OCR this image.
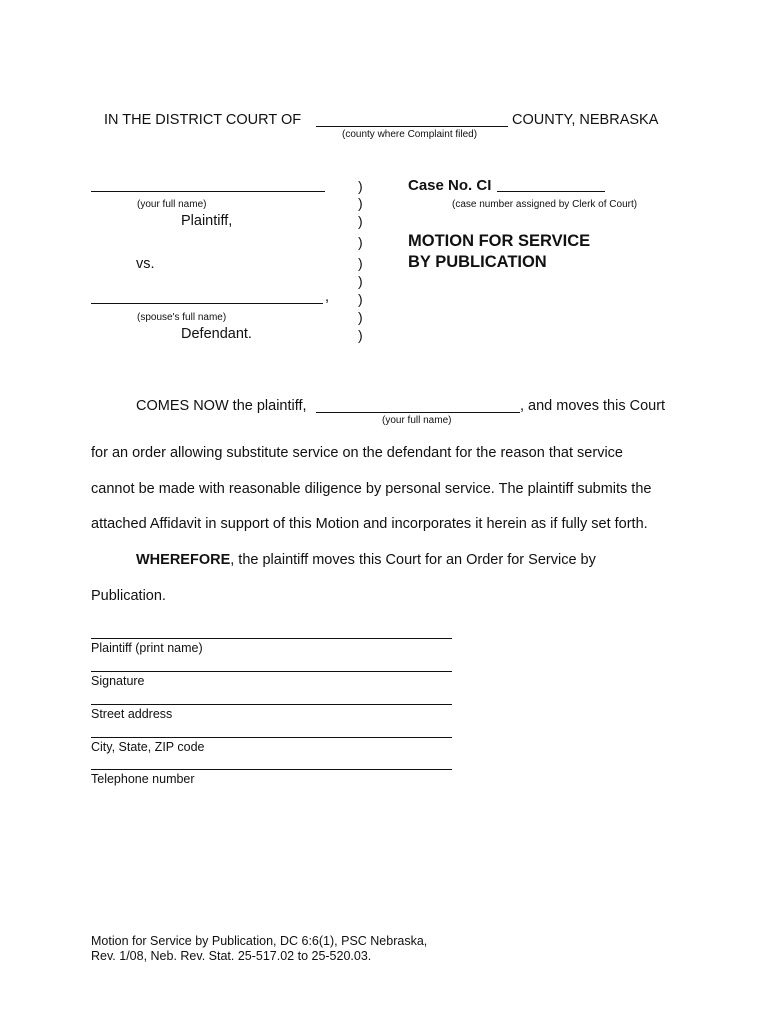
IN THE DISTRICT COURT OF	COUNTY, NEBRASKA
(county where Complaint filed)
(your full name)
Plaintiff,
vs.
,
(spouse's full name)
Defendant.
)
)
)
)
)
)
)
)
)
Case No. CI
(case number assigned by Clerk of Court)
MOTION FOR SERVICE
BY PUBLICATION
COMES NOW the plaintiff,	, and moves this Court
(your full name)
for an order allowing substitute service on the defendant for the reason that service
cannot be made with reasonable diligence by personal service. The plaintiff submits the
attached Affidavit in support of this Motion and incorporates it herein as if fully set forth.
WHEREFORE, the plaintiff moves this Court for an Order for Service by
Publication.
Plaintiff (print name)
Signature
Street address
City, State, ZIP code
Telephone number
Motion for Service by Publication, DC 6:6(1), PSC Nebraska,
Rev. 1/08, Neb. Rev. Stat. 25-517.02 to 25-520.03.
